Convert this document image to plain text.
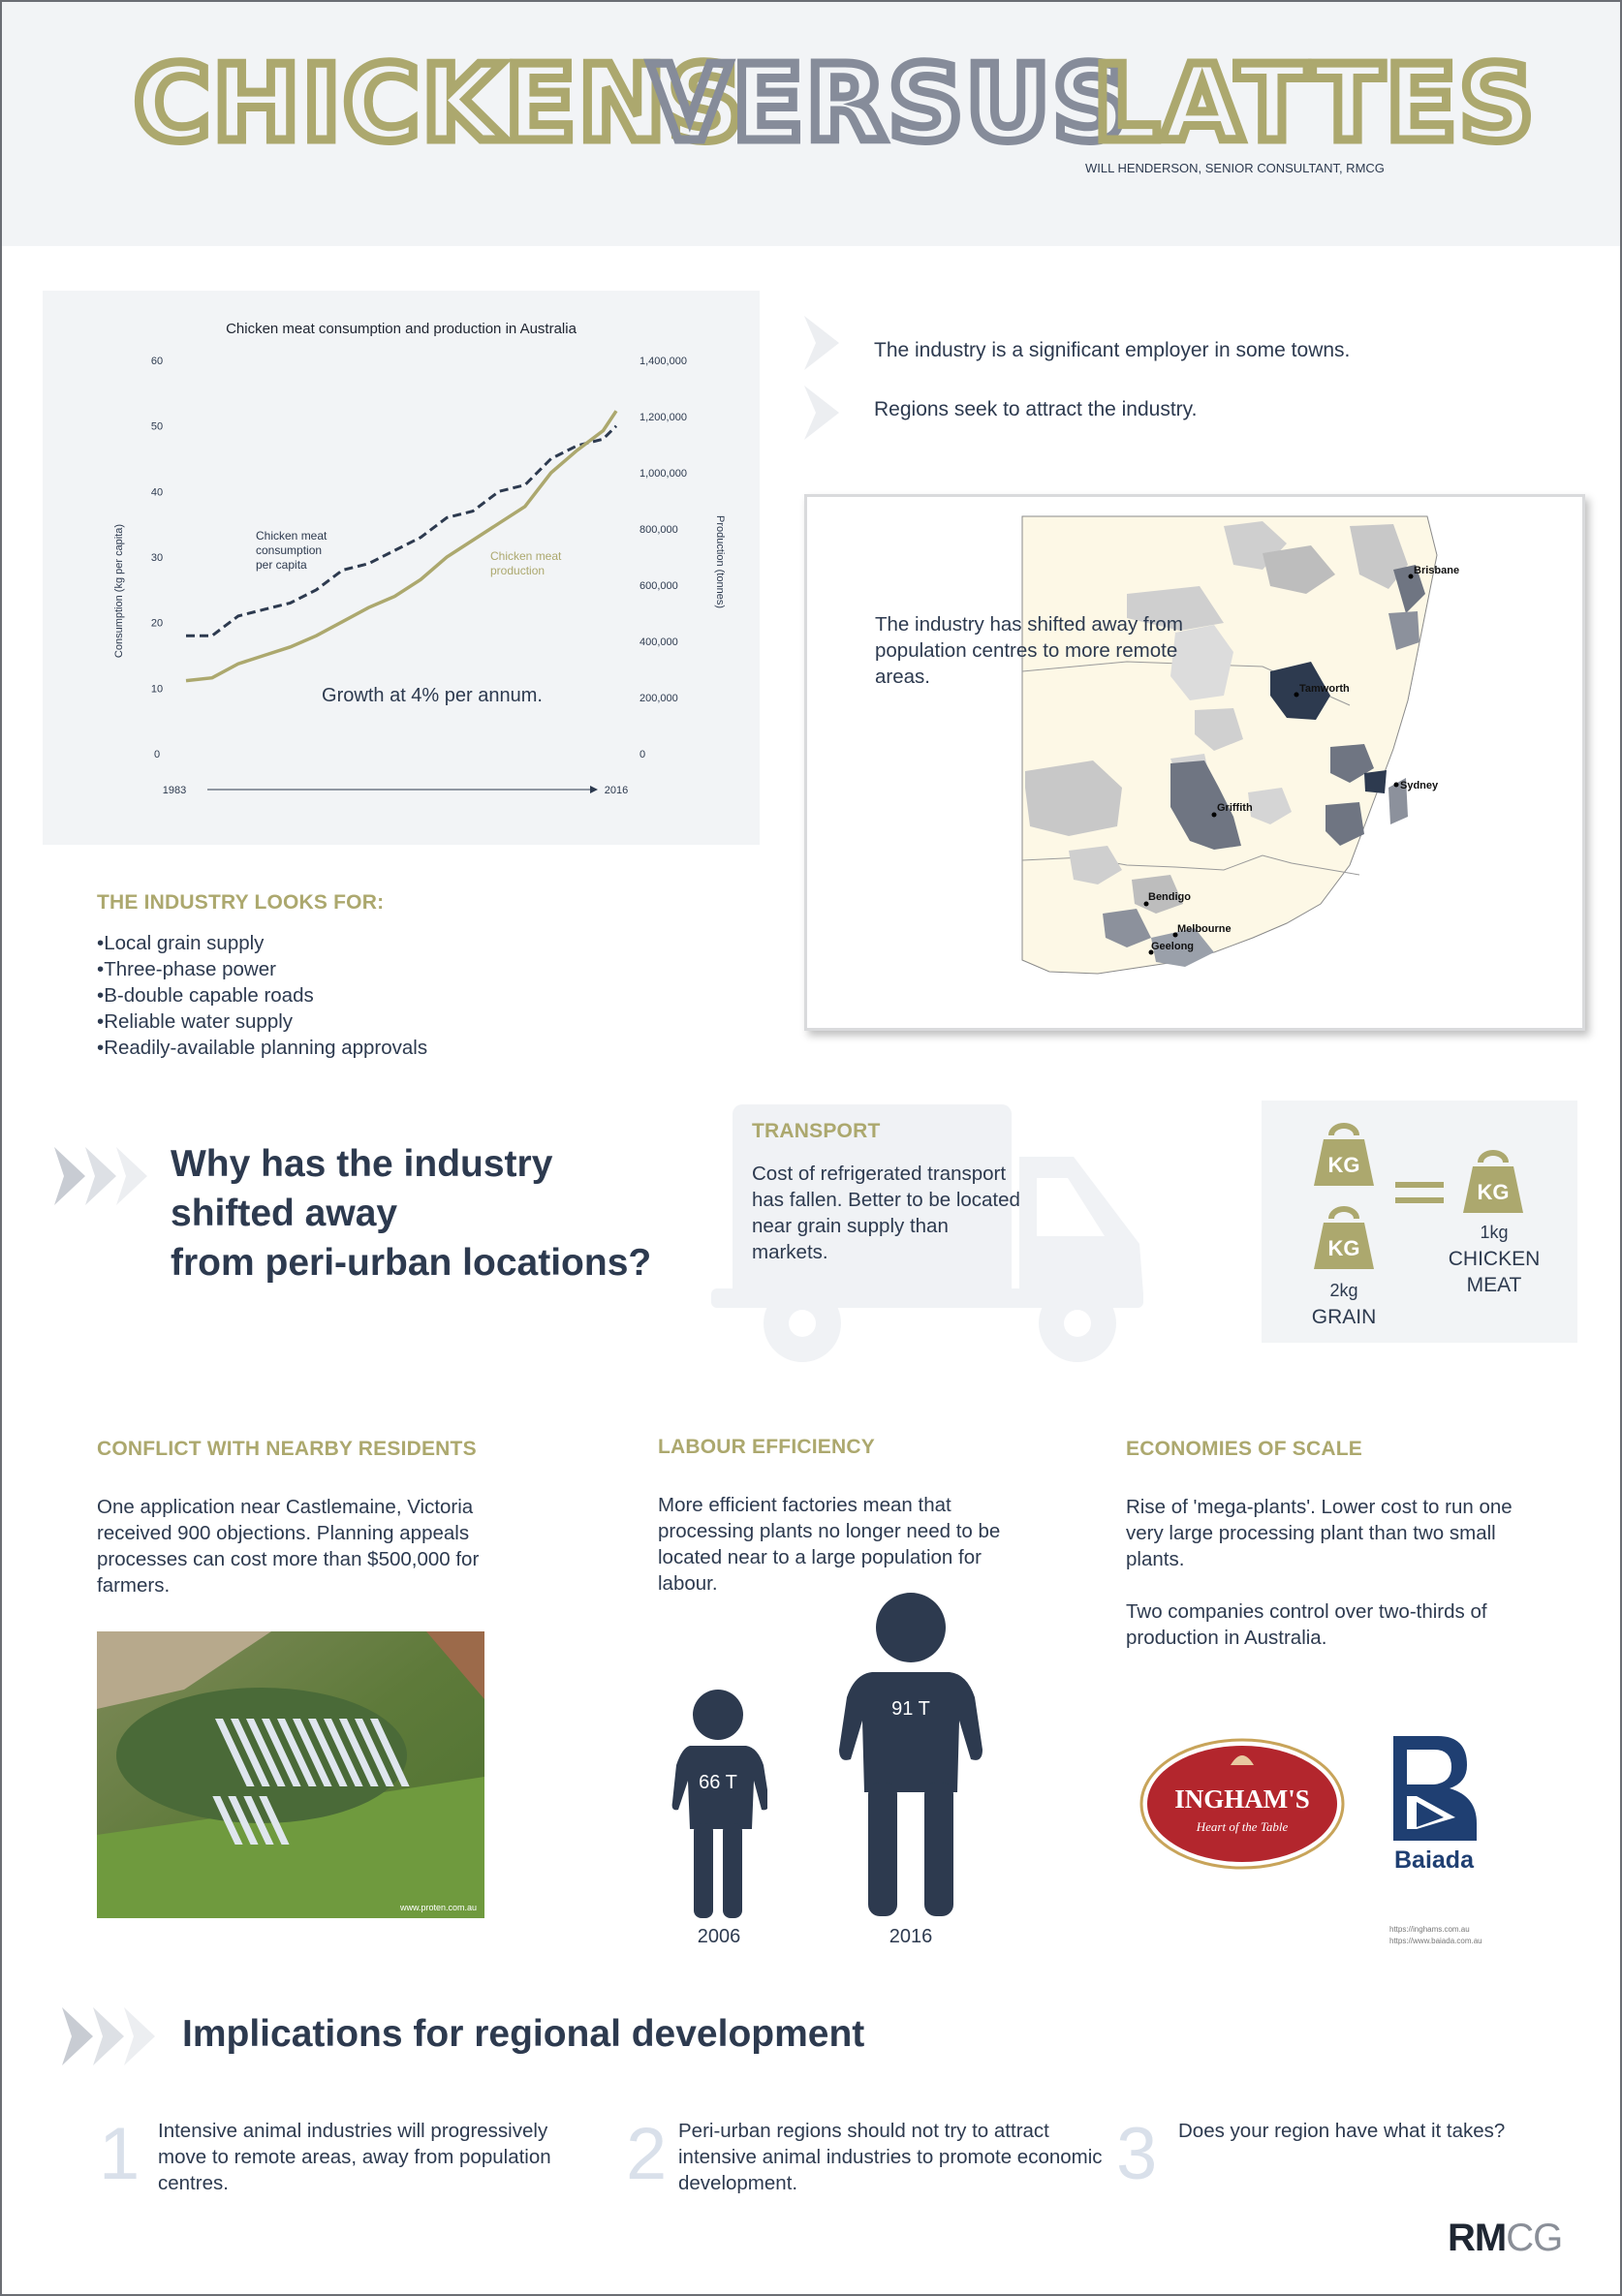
CHICKENS
VERSUS
LATTES
WILL HENDERSON, SENIOR CONSULTANT, RMCG
Chicken meat consumption and production in Australia
Consumption (kg per capita)	Production (tonnes)
60
50
40
30
20
10
0
1,400,000
1,200,000
1,000,000
800,000
600,000
400,000
200,000
0
1983	2016
Chicken meat consumption per capita
Chicken meat production
Growth at 4% per annum.
The industry is a significant employer in some towns.
Regions seek to attract the industry.
Brisbane
Tamworth
Sydney
Griffith
Bendigo
Melbourne
Geelong
The industry has shifted away from population centres to more remote areas.
THE INDUSTRY LOOKS FOR:
• Local grain supply
• Three-phase power
• B-double capable roads
• Reliable water supply
• Readily-available planning approvals
Why has the industry
shifted away
from peri-urban locations?
TRANSPORT
Cost of refrigerated transport has fallen. Better to be located near grain supply than markets.
KG
KG
2kg
GRAIN
KG
1kg
CHICKEN
MEAT
CONFLICT WITH NEARBY RESIDENTS
One application near Castlemaine, Victoria received 900 objections. Planning appeals processes can cost more than $500,000 for farmers.
www.proten.com.au
LABOUR EFFICIENCY
More efficient factories mean that processing plants no longer need to be located near to a large population for labour.
66 T
2006
91 T
2016
ECONOMIES OF SCALE
Rise of 'mega-plants'. Lower cost to run one very large processing plant than two small plants.
Two companies control over two-thirds of production in Australia.
INGHAM'S
Heart of the Table
Baiada
https://inghams.com.au
https://www.baiada.com.au
Implications for regional development
1 Intensive animal industries will progressively move to remote areas, away from population centres.	2 Peri-urban regions should not try to attract intensive animal industries to promote economic development.	3 Does your region have what it takes?
RMCG
